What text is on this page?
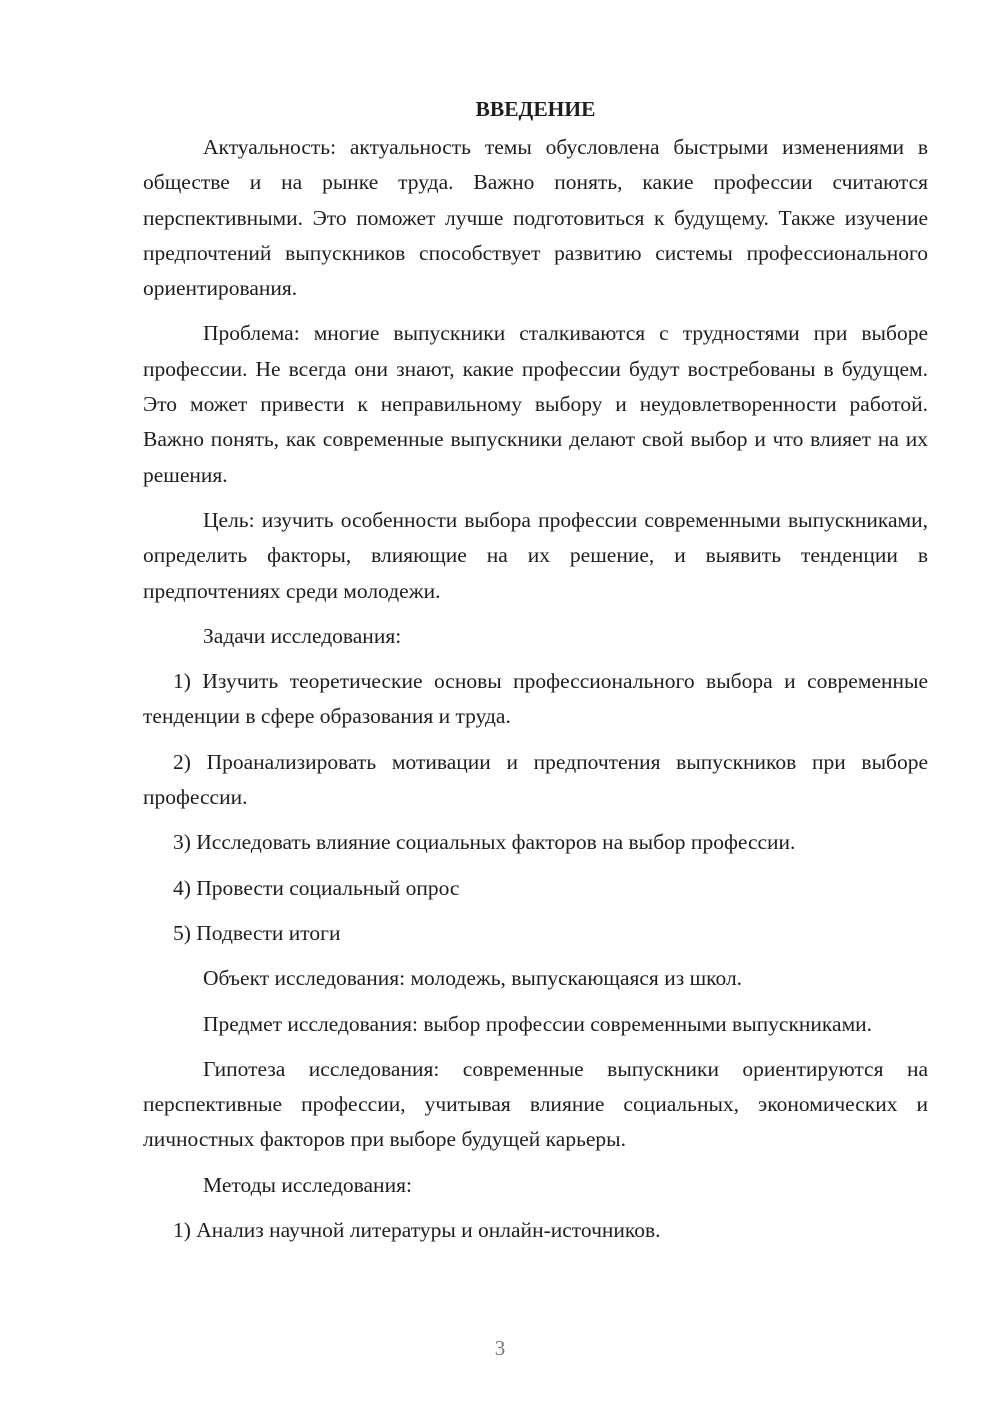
ВВЕДЕНИЕ

Актуальность: актуальность темы обусловлена быстрыми изменениями в обществе и на рынке труда. Важно понять, какие профессии считаются перспективными. Это поможет лучше подготовиться к будущему. Также изучение предпочтений выпускников способствует развитию системы профессионального ориентирования.

Проблема: многие выпускники сталкиваются с трудностями при выборе профессии. Не всегда они знают, какие профессии будут востребованы в будущем. Это может привести к неправильному выбору и неудовлетворенности работой. Важно понять, как современные выпускники делают свой выбор и что влияет на их решения.

Цель: изучить особенности выбора профессии современными выпускниками, определить факторы, влияющие на их решение, и выявить тенденции в предпочтениях среди молодежи.

Задачи исследования:

1) Изучить теоретические основы профессионального выбора и современные тенденции в сфере образования и труда.

2) Проанализировать мотивации и предпочтения выпускников при выборе профессии.

3) Исследовать влияние социальных факторов на выбор профессии.

4) Провести социальный опрос

5) Подвести итоги

Объект исследования: молодежь, выпускающаяся из школ.

Предмет исследования: выбор профессии современными выпускниками.

Гипотеза исследования: современные выпускники ориентируются на перспективные профессии, учитывая влияние социальных, экономических и личностных факторов при выборе будущей карьеры.

Методы исследования:

1) Анализ научной литературы и онлайн-источников.

3
